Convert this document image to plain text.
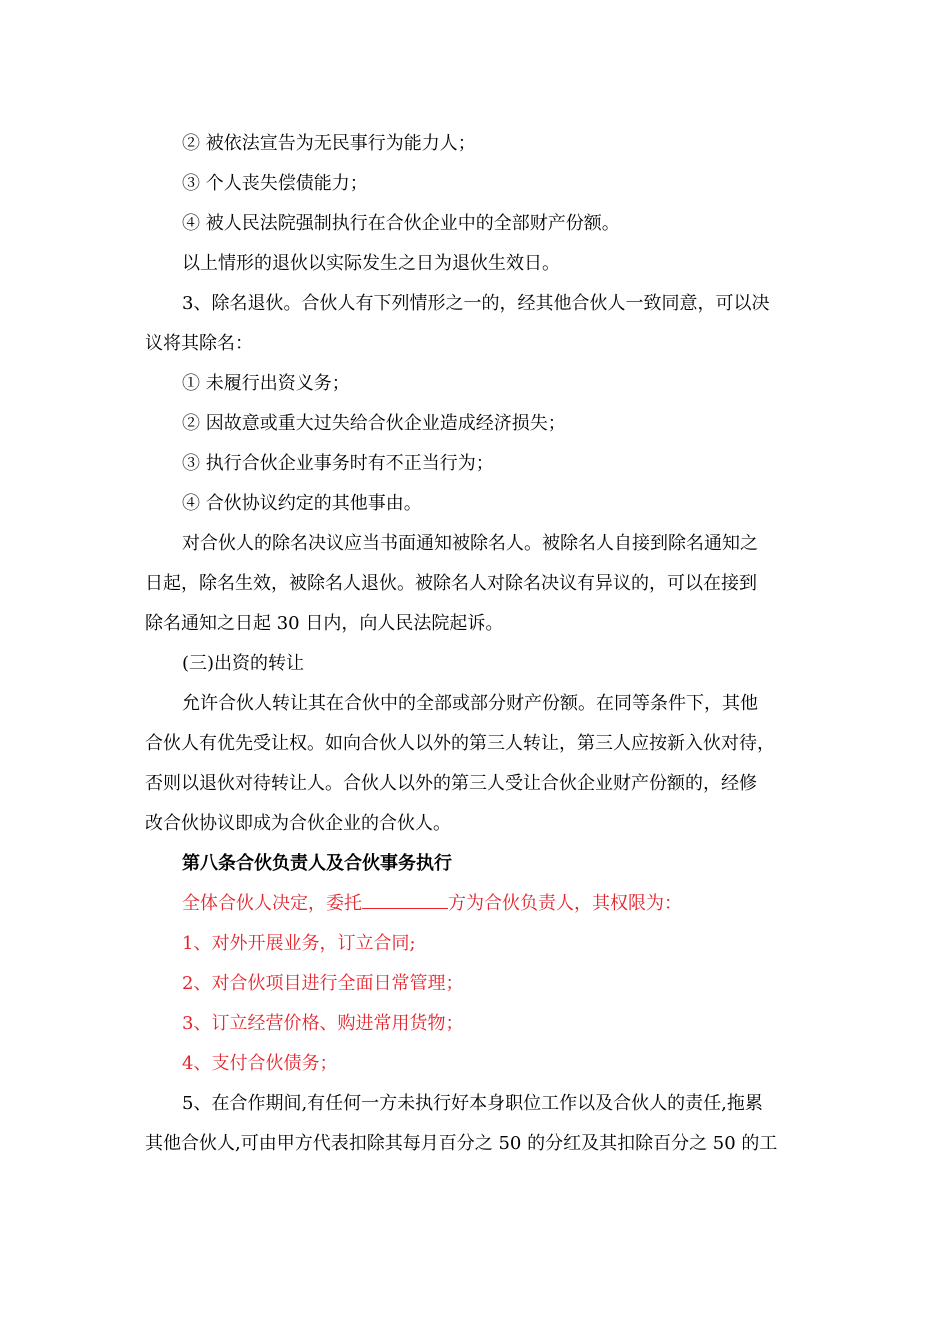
② 被依法宣告为无民事行为能力人；

③ 个人丧失偿债能力；

④ 被人民法院强制执行在合伙企业中的全部财产份额。

以上情形的退伙以实际发生之日为退伙生效日。

3、除名退伙。合伙人有下列情形之一的，经其他合伙人一致同意，可以决
议将其除名：

① 未履行出资义务；

② 因故意或重大过失给合伙企业造成经济损失；

③ 执行合伙企业事务时有不正当行为；

④ 合伙协议约定的其他事由。

对合伙人的除名决议应当书面通知被除名人。被除名人自接到除名通知之
日起，除名生效，被除名人退伙。被除名人对除名决议有异议的，可以在接到
除名通知之日起 30 日内，向人民法院起诉。

(三)出资的转让

允许合伙人转让其在合伙中的全部或部分财产份额。在同等条件下，其他
合伙人有优先受让权。如向合伙人以外的第三人转让，第三人应按新入伙对待，
否则以退伙对待转让人。合伙人以外的第三人受让合伙企业财产份额的，经修
改合伙协议即成为合伙企业的合伙人。

第八条合伙负责人及合伙事务执行

全体合伙人决定，委托	方为合伙负责人，其权限为：

1、对外开展业务，订立合同;

2、对合伙项目进行全面日常管理；

3、订立经营价格、购进常用货物；

4、支付合伙债务；

5、在合作期间,有任何一方未执行好本身职位工作以及合伙人的责任,拖累
其他合伙人,可由甲方代表扣除其每月百分之 50 的分红及其扣除百分之 50 的工
